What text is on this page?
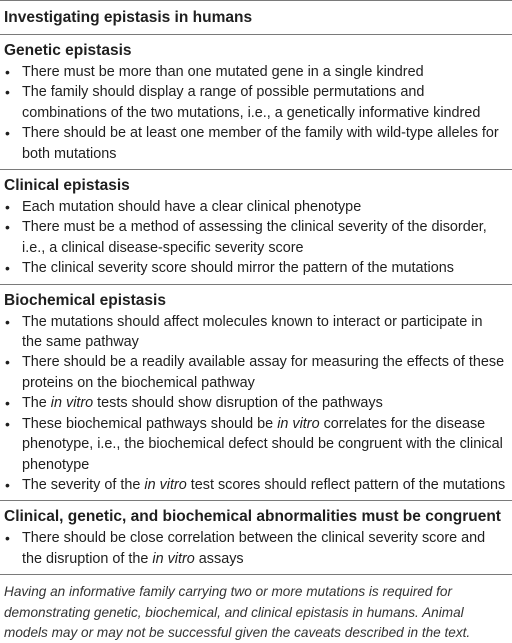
Investigating epistasis in humans
Genetic epistasis
• There must be more than one mutated gene in a single kindred
• The family should display a range of possible permutations and combinations of the two mutations, i.e., a genetically informative kindred
• There should be at least one member of the family with wild-type alleles for both mutations
Clinical epistasis
• Each mutation should have a clear clinical phenotype
• There must be a method of assessing the clinical severity of the disorder, i.e., a clinical disease-specific severity score
• The clinical severity score should mirror the pattern of the mutations
Biochemical epistasis
• The mutations should affect molecules known to interact or participate in the same pathway
• There should be a readily available assay for measuring the effects of these proteins on the biochemical pathway
• The in vitro tests should show disruption of the pathways
• These biochemical pathways should be in vitro correlates for the disease phenotype, i.e., the biochemical defect should be congruent with the clinical phenotype
• The severity of the in vitro test scores should reflect pattern of the mutations
Clinical, genetic, and biochemical abnormalities must be congruent
• There should be close correlation between the clinical severity score and the disruption of the in vitro assays
Having an informative family carrying two or more mutations is required for demonstrating genetic, biochemical, and clinical epistasis in humans. Animal models may or may not be successful given the caveats described in the text.
